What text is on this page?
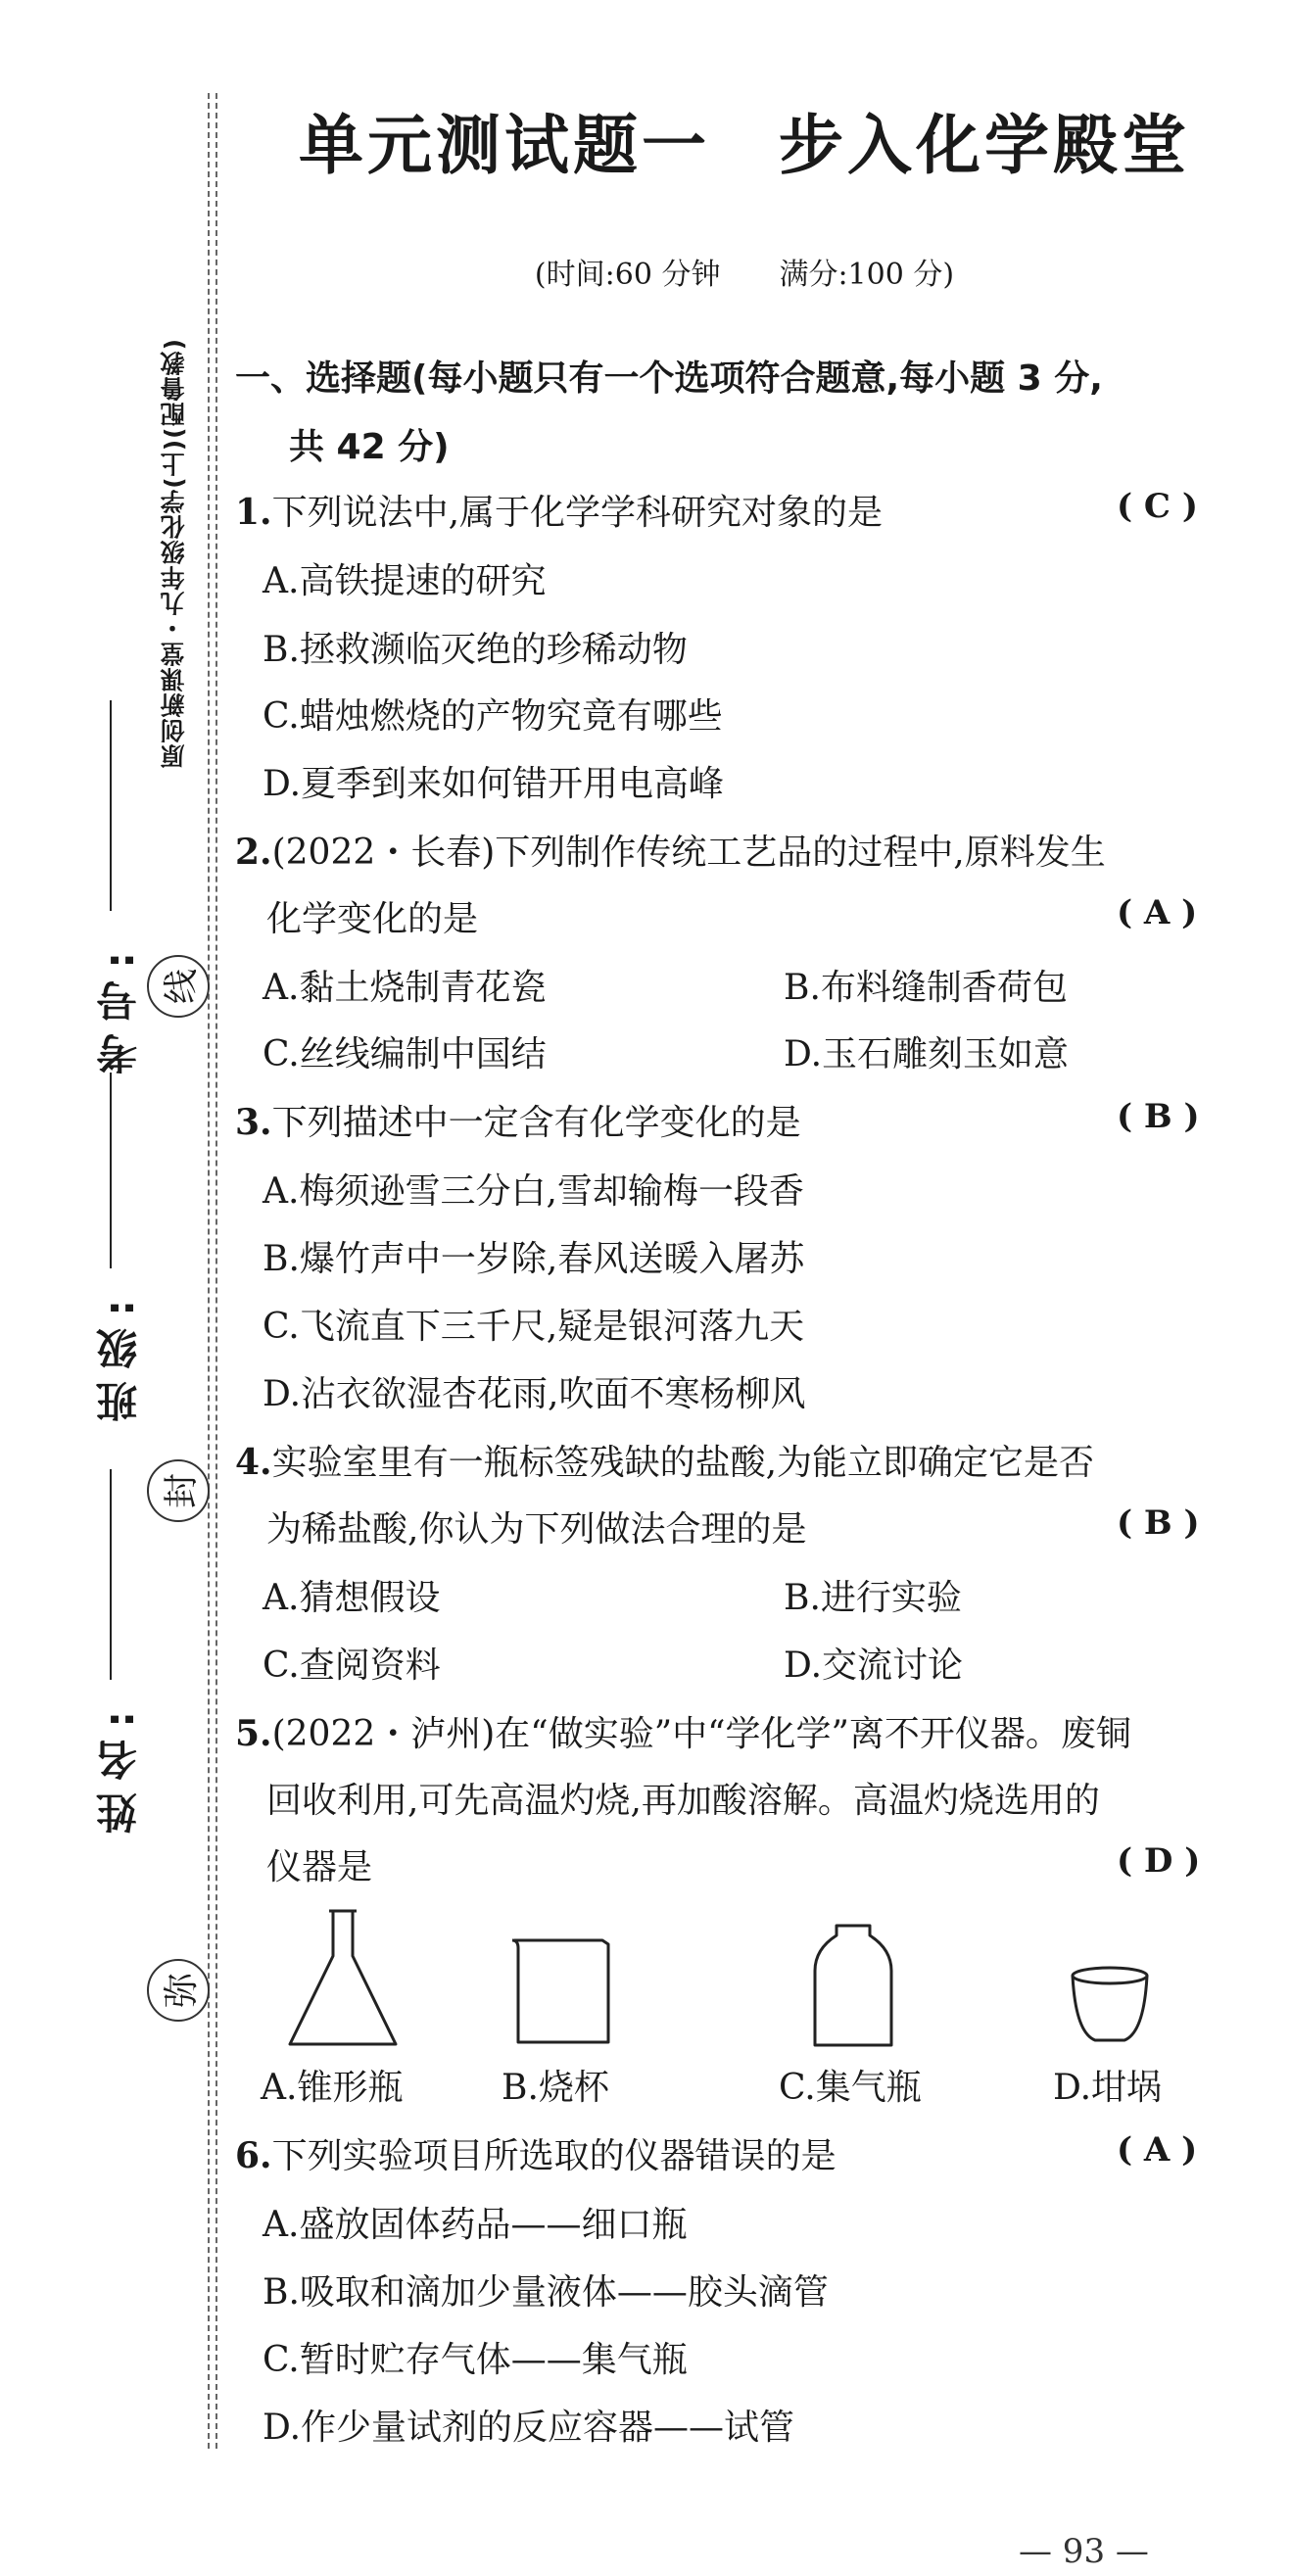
原创新课堂・九年级化学(上)(配鲁教)
考号:
班级:
姓名:
线
封
弥
单元测试题一　步入化学殿堂
(时间:60 分钟　　满分:100 分)
一、选择题(每小题只有一个选项符合题意,每小题 3 分,
共 42 分)
1.下列说法中,属于化学学科研究对象的是	( C )
A.高铁提速的研究
B.拯救濒临灭绝的珍稀动物
C.蜡烛燃烧的产物究竟有哪些
D.夏季到来如何错开用电高峰
2.(2022・长春)下列制作传统工艺品的过程中,原料发生
化学变化的是	( A )
A.黏土烧制青花瓷	B.布料缝制香荷包
C.丝线编制中国结	D.玉石雕刻玉如意
3.下列描述中一定含有化学变化的是	( B )
A.梅须逊雪三分白,雪却输梅一段香
B.爆竹声中一岁除,春风送暖入屠苏
C.飞流直下三千尺,疑是银河落九天
D.沾衣欲湿杏花雨,吹面不寒杨柳风
4.实验室里有一瓶标签残缺的盐酸,为能立即确定它是否
为稀盐酸,你认为下列做法合理的是	( B )
A.猜想假设	B.进行实验
C.查阅资料	D.交流讨论
5.(2022・泸州)在“做实验”中“学化学”离不开仪器。废铜
回收利用,可先高温灼烧,再加酸溶解。高温灼烧选用的
仪器是	( D )
A.锥形瓶	B.烧杯	C.集气瓶	D.坩埚
6.下列实验项目所选取的仪器错误的是	( A )
A.盛放固体药品——细口瓶
B.吸取和滴加少量液体——胶头滴管
C.暂时贮存气体——集气瓶
D.作少量试剂的反应容器——试管
— 93 —
